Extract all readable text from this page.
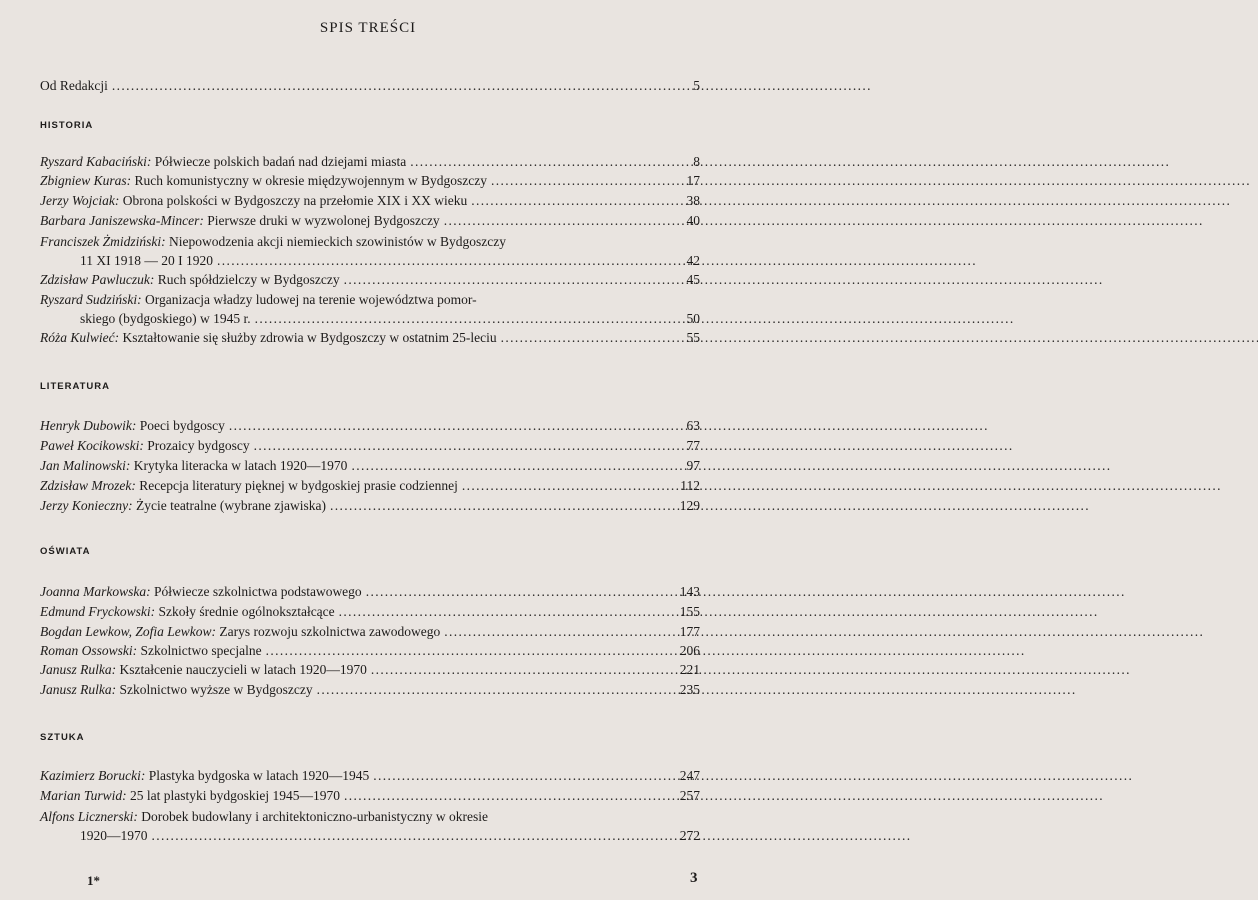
SPIS TREŚCI
Od Redakcji . . .	5
HISTORIA
Ryszard Kabaciński:
Półwiecze polskich badań nad dziejami miasta . . .	8
Zbigniew Kuras:
Ruch komunistyczny w okresie międzywojennym w Bydgoszczy . . .	17
Jerzy Wojciak:
Obrona polskości w Bydgoszczy na przełomie XIX i XX wieku . . .	38
Barbara Janiszewska-Mincer:
Pierwsze druki w wyzwolonej Bydgoszczy . . .	40
Franciszek Żmidziński:
Niepowodzenia akcji niemieckich szowinistów w Bydgoszczy
11 XI 1918 — 20 I 1920 . . .	42
Zdzisław Pawluczuk:
Ruch spółdzielczy w Bydgoszczy . . .	45
Ryszard Sudziński:
Organizacja władzy ludowej na terenie województwa pomor-
skiego (bydgoskiego) w 1945 r. . . .	50
Róża Kulwieć:
Kształtowanie się służby zdrowia w Bydgoszczy w ostatnim 25-leciu . . .	55
LITERATURA
Henryk Dubowik:
Poeci bydgoscy . . .	63
Paweł Kocikowski:
Prozaicy bydgoscy . . .	77
Jan Malinowski:
Krytyka literacka w latach 1920—1970 . . .	97
Zdzisław Mrozek:
Recepcja literatury pięknej w bydgoskiej prasie codziennej . . .	112
Jerzy Konieczny:
Życie teatralne (wybrane zjawiska) . . .	129
OŚWIATA
Joanna Markowska:
Półwiecze szkolnictwa podstawowego . . .	143
Edmund Fryckowski:
Szkoły średnie ogólnokształcące . . .	155
Bogdan Lewkow, Zofia Lewkow:
Zarys rozwoju szkolnictwa zawodowego . . .	177
Roman Ossowski:
Szkolnictwo specjalne . . .	206
Janusz Rulka:
Kształcenie nauczycieli w latach 1920—1970 . . .	221
Janusz Rulka:
Szkolnictwo wyższe w Bydgoszczy . . .	235
SZTUKA
Kazimierz Borucki:
Plastyka bydgoska w latach 1920—1945 . . .	247
Marian Turwid:
25 lat plastyki bydgoskiej 1945—1970 . . .	257
Alfons Licznerski:
Dorobek budowlany i architektoniczno-urbanistyczny w okresie
1920—1970 . . .	272
1*	3
